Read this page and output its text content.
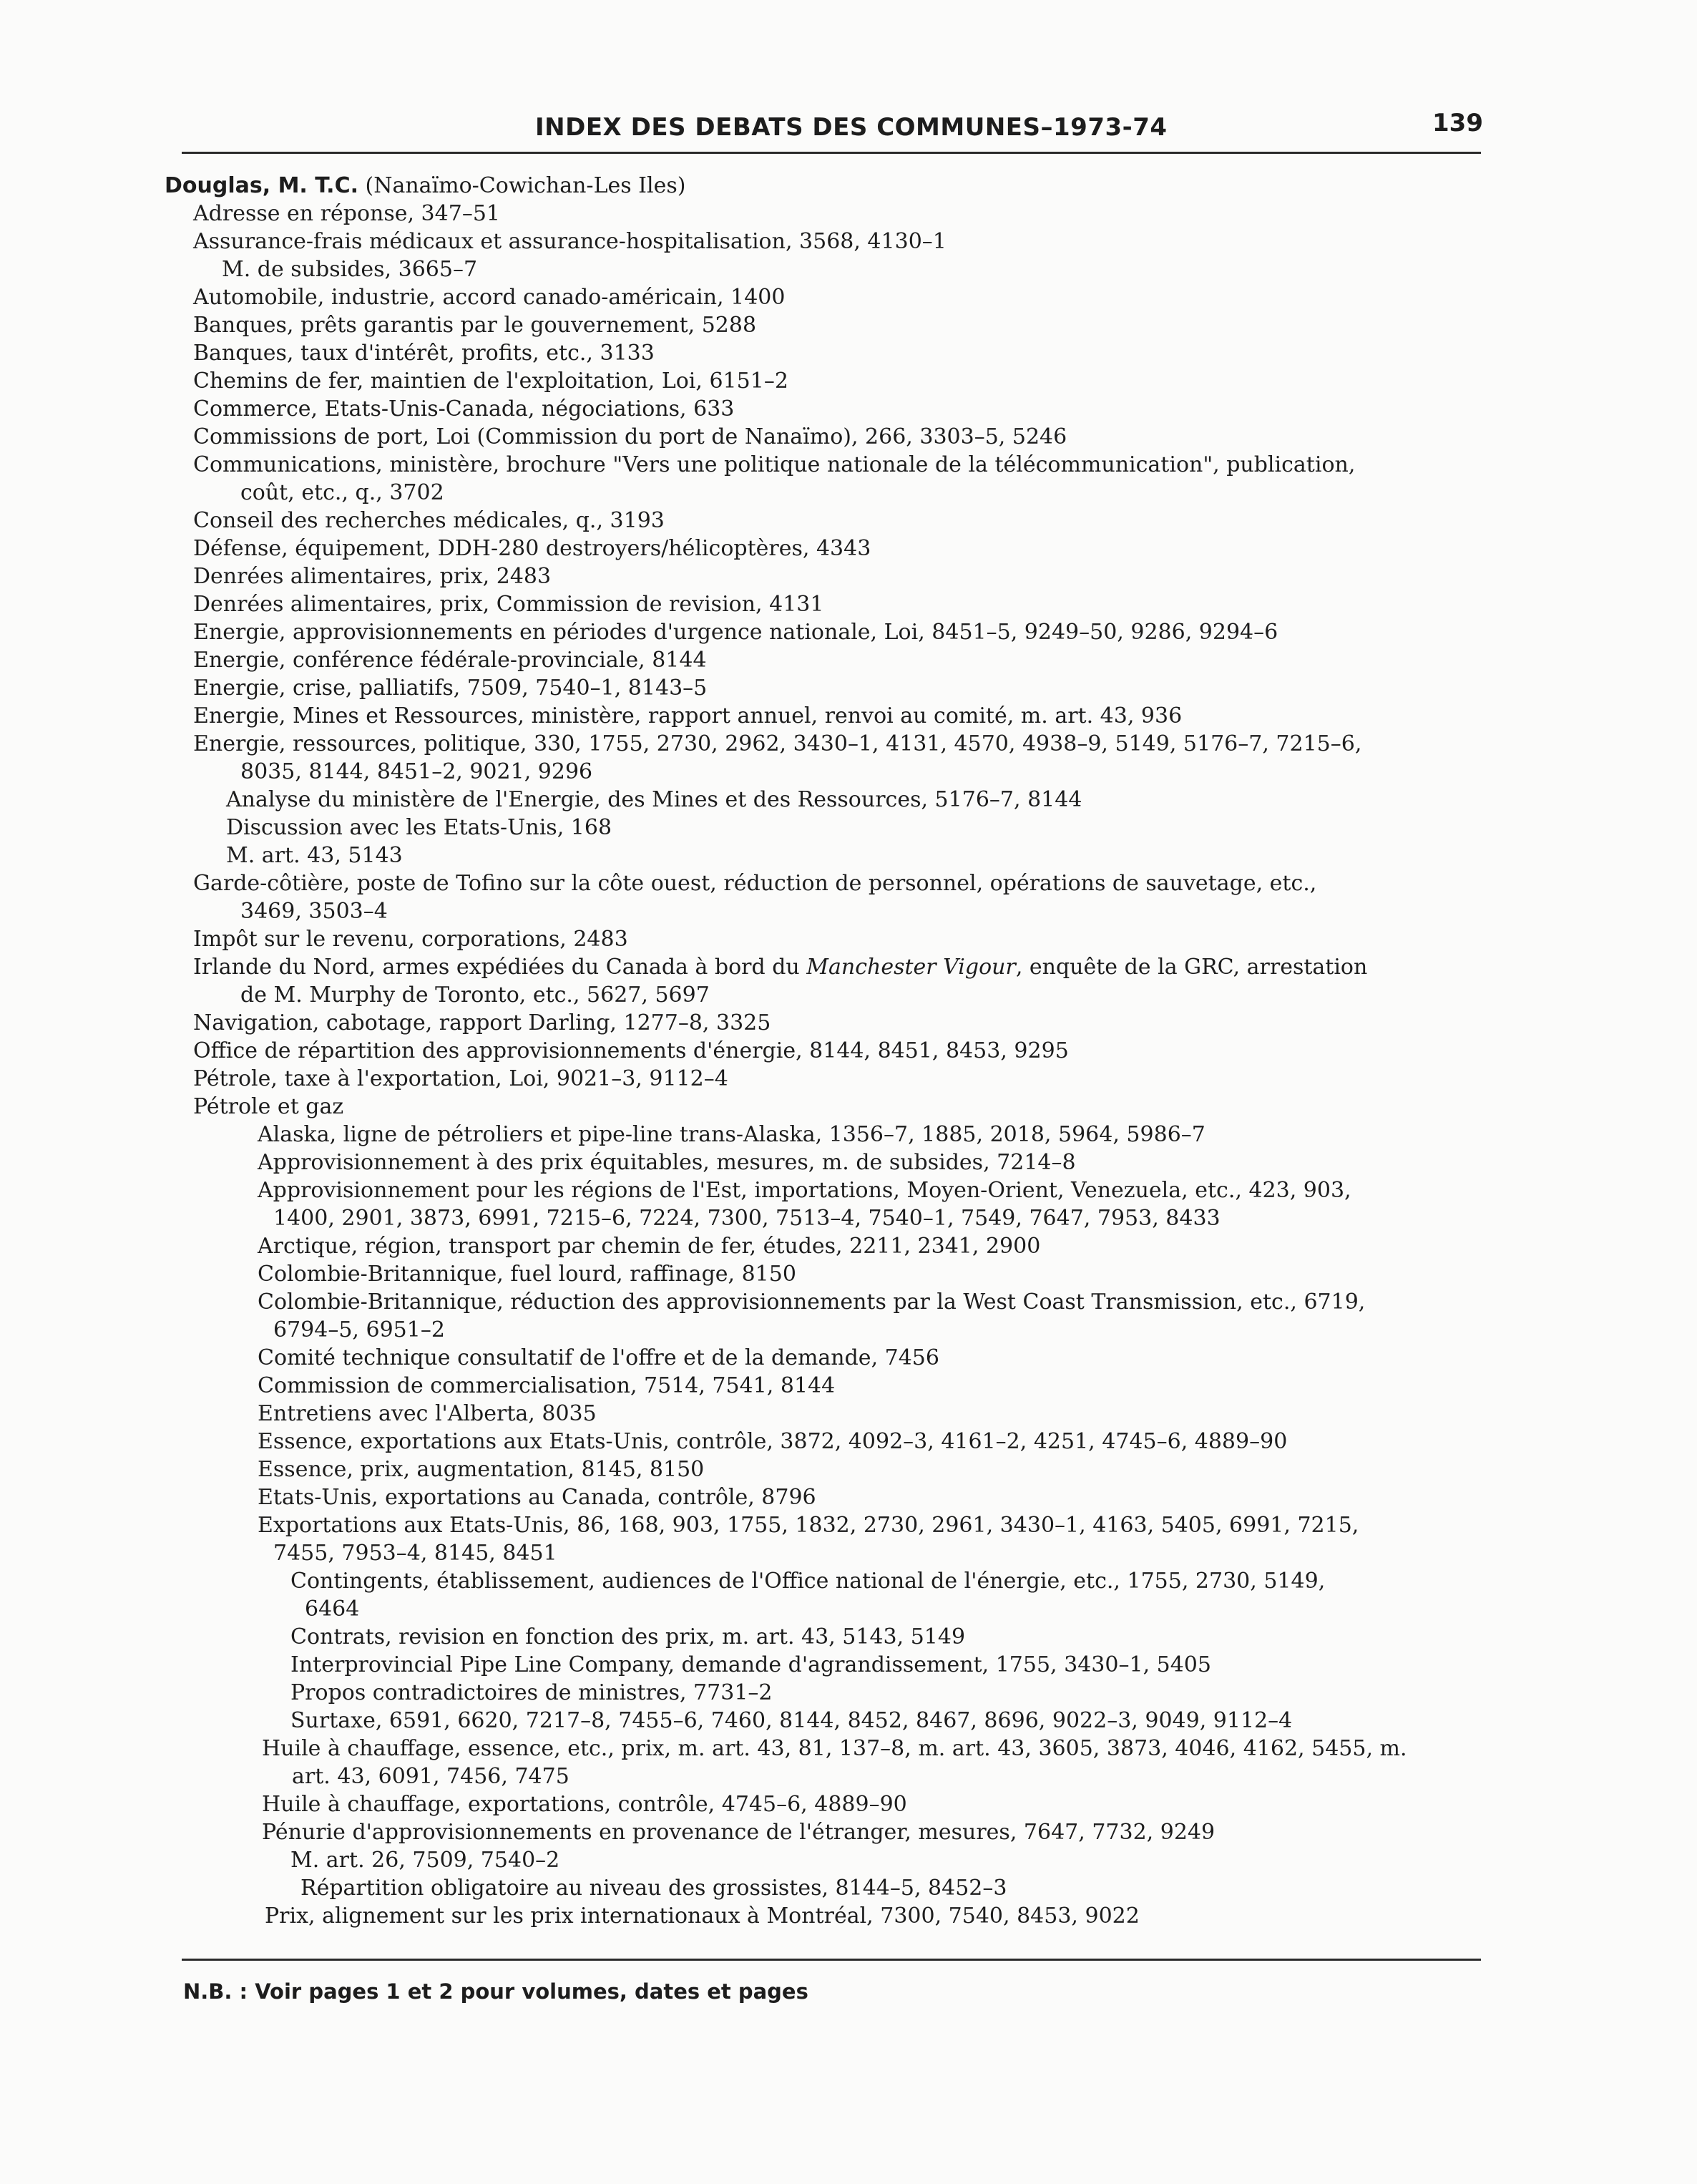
INDEX DES DEBATS DES COMMUNES–1973-74	139
Douglas, M. T.C. (Nanaïmo-Cowichan-Les Iles)
Adresse en réponse, 347–51
Assurance-frais médicaux et assurance-hospitalisation, 3568, 4130–1
M. de subsides, 3665–7
Automobile, industrie, accord canado-américain, 1400
Banques, prêts garantis par le gouvernement, 5288
Banques, taux d'intérêt, profits, etc., 3133
Chemins de fer, maintien de l'exploitation, Loi, 6151–2
Commerce, Etats-Unis-Canada, négociations, 633
Commissions de port, Loi (Commission du port de Nanaïmo), 266, 3303–5, 5246
Communications, ministère, brochure "Vers une politique nationale de la télécommunication", publication,
coût, etc., q., 3702
Conseil des recherches médicales, q., 3193
Défense, équipement, DDH-280 destroyers/hélicoptères, 4343
Denrées alimentaires, prix, 2483
Denrées alimentaires, prix, Commission de revision, 4131
Energie, approvisionnements en périodes d'urgence nationale, Loi, 8451–5, 9249–50, 9286, 9294–6
Energie, conférence fédérale-provinciale, 8144
Energie, crise, palliatifs, 7509, 7540–1, 8143–5
Energie, Mines et Ressources, ministère, rapport annuel, renvoi au comité, m. art. 43, 936
Energie, ressources, politique, 330, 1755, 2730, 2962, 3430–1, 4131, 4570, 4938–9, 5149, 5176–7, 7215–6,
8035, 8144, 8451–2, 9021, 9296
Analyse du ministère de l'Energie, des Mines et des Ressources, 5176–7, 8144
Discussion avec les Etats-Unis, 168
M. art. 43, 5143
Garde-côtière, poste de Tofino sur la côte ouest, réduction de personnel, opérations de sauvetage, etc.,
3469, 3503–4
Impôt sur le revenu, corporations, 2483
Irlande du Nord, armes expédiées du Canada à bord du Manchester Vigour, enquête de la GRC, arrestation
de M. Murphy de Toronto, etc., 5627, 5697
Navigation, cabotage, rapport Darling, 1277–8, 3325
Office de répartition des approvisionnements d'énergie, 8144, 8451, 8453, 9295
Pétrole, taxe à l'exportation, Loi, 9021–3, 9112–4
Pétrole et gaz
Alaska, ligne de pétroliers et pipe-line trans-Alaska, 1356–7, 1885, 2018, 5964, 5986–7
Approvisionnement à des prix équitables, mesures, m. de subsides, 7214–8
Approvisionnement pour les régions de l'Est, importations, Moyen-Orient, Venezuela, etc., 423, 903,
1400, 2901, 3873, 6991, 7215–6, 7224, 7300, 7513–4, 7540–1, 7549, 7647, 7953, 8433
Arctique, région, transport par chemin de fer, études, 2211, 2341, 2900
Colombie-Britannique, fuel lourd, raffinage, 8150
Colombie-Britannique, réduction des approvisionnements par la West Coast Transmission, etc., 6719,
6794–5, 6951–2
Comité technique consultatif de l'offre et de la demande, 7456
Commission de commercialisation, 7514, 7541, 8144
Entretiens avec l'Alberta, 8035
Essence, exportations aux Etats-Unis, contrôle, 3872, 4092–3, 4161–2, 4251, 4745–6, 4889–90
Essence, prix, augmentation, 8145, 8150
Etats-Unis, exportations au Canada, contrôle, 8796
Exportations aux Etats-Unis, 86, 168, 903, 1755, 1832, 2730, 2961, 3430–1, 4163, 5405, 6991, 7215,
7455, 7953–4, 8145, 8451
Contingents, établissement, audiences de l'Office national de l'énergie, etc., 1755, 2730, 5149,
6464
Contrats, revision en fonction des prix, m. art. 43, 5143, 5149
Interprovincial Pipe Line Company, demande d'agrandissement, 1755, 3430–1, 5405
Propos contradictoires de ministres, 7731–2
Surtaxe, 6591, 6620, 7217–8, 7455–6, 7460, 8144, 8452, 8467, 8696, 9022–3, 9049, 9112–4
Huile à chauffage, essence, etc., prix, m. art. 43, 81, 137–8, m. art. 43, 3605, 3873, 4046, 4162, 5455, m.
art. 43, 6091, 7456, 7475
Huile à chauffage, exportations, contrôle, 4745–6, 4889–90
Pénurie d'approvisionnements en provenance de l'étranger, mesures, 7647, 7732, 9249
M. art. 26, 7509, 7540–2
Répartition obligatoire au niveau des grossistes, 8144–5, 8452–3
Prix, alignement sur les prix internationaux à Montréal, 7300, 7540, 8453, 9022
N.B. : Voir pages 1 et 2 pour volumes, dates et pages
